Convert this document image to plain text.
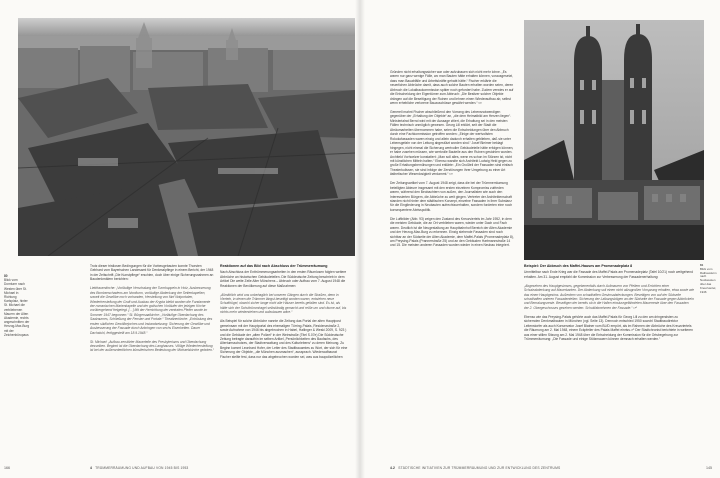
80
Blick vom Domturm nach Westen über St. Michael in Richtung Karlsplatz, hinter St. Michael die verbliebenen Mauern der Alten Akademie, rechts angeschnitten der Herzog-Max-Burg mit der Zeichenbüropaus

Trotz dieser tristlosen Bedingungen für die Vorbeugebauten konnte Thorsten Gebhard vom Bayerischen Landesamt für Denkmalpflege in einem Bericht, der 1948 in der Zeitschrift „Die Kunstpflege“ erschien, doch über einige Sicherungsnahmen an Baudenkmälern berichten:

Liebfrauenkirche: „Vorläufige Verschalung der Turmkuppeln in Holz, Ausbesserung des Bombenschadens am Nordturm, vorläufige Abdeckung der Seitenkapellen, soweit die Gewölbe noch vorhanden, Herstellung von fünf Notportalen, Wiederherstellung der Gruft und Ausbau der Krypta bleibt wurden die Fundamente der romanischen Marienkapelle und der gotischen Vorläufer der jetzigen Kirche vorübergehend freigelegt. […] Mit der Herrichtung der zentralen Pfeiler wurde im Sommer 1947 begonnen.“ St. Bürgersaalkirche: „Vorläufige Überdachung des Saalraumes, Schließung der Fenster und Portale.“ Theatinerkirche: „Entrüstung des ersten südlichen Gewölbejoches und Instandsetzung: Sicherung der Gewölbe und Ausbesserung der Fassade durch Anbringen von sechs Eisenketten. Dauer Dachstuhl, fertiggestellt am 18.9.1948.“

St. Michael: „Aufbau zerstörter Mauerteile des Presbyteriums und Überdachung desselben. Beginnt ist die Überdachung des Langhauses. Völlige Wiederherstellung ist bei der außerordentlichen künstlerischen Bedeutung der Michaelskirche geboten.“

Reaktionen auf das Bild nach Abschluss der Trümmerräumung

Nach Abschluss der Enttrümmerungsarbeiten in den ersten Räumlosen folgten weitere Abbrüche an historischen Gebäudeteilen. Die Süddeutsche Zeitung beschrieb in dem Artikel Die weite Zeile Alter Münchens – Abbruch oder Aufbau vom 7. August 1948 die Reaktionen der Bevölkerung auf diese Maßnahmen:

„Allmählich wird uns unbehaglich bei unseren Gängen durch die Straßen, denn in Vierteln, in denen die Trümmer längst beseitigt worden waren, entstehen neue Schutthügel, obwohl sicher lange nicht alle Häuser bereits gefallen sind. Es ist, als hätte sich der Schuttrümmhagel selbständig gemacht und reiße um und räume auf, bis nichts mehr wiederstehen und aufzubauen wäre.“

Als Beispiel für solche Abbrüche nannte die Zeitung das Portal der alten Hauptpost gemeinsam mit der Hauptportal des ehemaligen Törring-Palais, Residenzstraße 2, sowie Aufnahme von 1946 bis abgebrochen in Habel, Hallinger & Weski 2009, S. 923 ) und die Gebäude der „alten Polizei“ in der Weinstraße (Titel S.07e) Die Süddeutsche Zeitung befragte daraufhin im selben Artikel „Persönlichkeiten des Baufachs, des Altertumsschutzes, der Stadtverwaltung und des Kulturlebens“ zu deren Meinung. Zu Beginn kommt Leonhard Hofer, der Leiter des Stadtbauamtes zu Wort, der sich für eine Sicherung der Objekte, „die München ausmachen“, aussprach. Wiederaufbaurat Fischer stellte fest, dass nur das abgebrochen worden sei, was aus baupolizeilichen

166	4 TRÜMMERRÄUMUNG UND AUFBAU VON 1945 BIS 1953

Gründen nicht erhaltungssicher war oder aufzubauen sich nicht mehr lohne. „Es waren nur ganz wenige Fälle, wo man Bauten hätte erhalten können, vorausgesetzt, dass man Bauabfälle und Arbeitskräfte gehabt hätte.“ Fischer erklärte die neuerlichen Abbrüche damit, dass auch solche Bauten erhalten worden seien, deren Abbruch die Lokalbaukommission später noch gefordert habe. Zudem verwies er auf die Entscheidung der Eigentümer zum Abbruch: „Die Besitzer solcher Objekte drängen auf die Beseitigung der Ruinen und lehnen einen Wiederaufbau ab, selbst wenn erhebliche verlorene Bauzuschüsse gewährt werden.“ ¹³²

Generell mahnt Fischer abschließend den Vorrang des Lebensnotwendigen gegenüber der „Erhaltung der Objekte“ an, „die dem Heimatbild am Herzen liegen“. Ministerialrat Bernd wird mit der Aussage zitiert, die Erhaltung sei in den meisten Fällen technisch unmöglich gewesen. Georg Lill erklärt, seit der Stadt die Abräumarbeiten übernommen habe, seien die Entscheidungen über den Abbruch durch eine Fachkommission getroffen worden: „Einige der wertvollsten Rokokofassaden waren einzig und allein dadurch erhalten geblieben, daß sie unter Lebensgefahr von der Leitung abgestützt worden sind.“ Josef Bleimer beklagt hingegen, nicht einmal die Sicherung wertvoller Gebäudeteile hätte erfolgen können, er habe zusehen müssen, wie wertvolle Bauteile aus den Ruinen gestohlen wurden. Architekt Vorhoelzer konstatiert: „Man soll alles, wenn es schon im Stürzen ist, nicht mit künstlichen Mitteln halten.“ Ebenso wandte sich Architekt Ludwig Held gegen zu große Erhaltungsbemühungen und erklärte: „Ein Großteil der Fassaden sind einfach Theaterkulissen, sie sind infolge der Zerstörungen ihrer Umgebung zu einer Art ästhetischer Wesenlosigkeit verdammt.“ ¹³³

Der Zeitungsartikel vom 7. August 1948 zeigt, dass die bei der Trümmerräumung beteiligten Akteure insgesamt mit den ersten einzelnen Kompromiss zufrieden waren, während den Beobachtern von außen, den Journalisten wie auch den Interessierten Bürgern, die Abbrüche zu weit gingen. Vertreter der Architektenschaft standen nicht hinter dem städtischen Konzept, einzelne Fassaden in ihrer Substanz für die Eingliederung in Neubauten aufrechtzuerhalten, sondern forderten eine noch konsequentere Abrisspolitik.

Die Luftbilder (Abb. 93) zeigen den Zustand des Kreuzviertels im Jahr 1952, in dem die meisten Gebäude, die an Ort verblieben waren, wieder unter Dach und Fach waren. Deutlich ist die Neugestaltung an Hauptbahnhof Bereich der Alten Akademie und der Herzog-Max-Burg zu erkennen. Einzig stehende Fassaden sind noch sichtbar an der Südseite der Alten Akademie, dem Maffei-Palais (Promenadeplatz 8), am Preysing-Palais (Prannerstraße 25) und an den Gebäuden Hartmannstraße 14 und 15. Die meisten anderen Fassaden wurden wieder in einen Neubau integriert.

81
Blick vom Rathausturm nach Nordwesten über das Kreuzviertel, 1946
Beispiel: Der Abbruch des Maffei-Hauses am Promenadeplatz 8

Unmittelbar nach Ende Krieg war die Fassade des Maffei-Palais am Promenadeplatz (Tafel 10/21) noch weitgehend erhalten. Am 31. August empfahl die Kommission zur Verbesserung der Fassadenerhaltung:

„Abgesehen des Hauptgesimses, gegebenenfalls durch Aufmauern von Pfeilern und Errichten einer Schutzabdeckung auf Mauerkanten. Der Abdeckung soll einen nicht allzugroßen Vorsprung erhalten, etwa sowie wie das einen Hauptgesims. Außerdem von schadhaften Gesimsabdeckungen. Beseitigen von auf der Südseite schadhaften unteren Fassadenteilen. Sicherung der Laibungsbögen an der Südseite der Fassade gegen Abbröckeln und Bemalungsreste. Beseitigen der bereits ob in die Hallen einsturzgefährdeten Mauerreste über den Fassaden der 2. Obergeschosses gesehen werden. Schutt/abnehmen der Fassade.“ ¹³⁴

Ebenso wie das Preysing-Palais gehörte auch das Maffei-Palais für Georg Lill zu den am dringendsten zu sichernden Denkmalbauten in München (vgl. Seite 13). Dennoch entschied 1950 sowohl Stadtbaudirektor Leitenstorfer als auch Konservator Josef Blatner vom BLfD empört, als im Rahmen der Abbrüche des Kreuzviertels die Räumung am 2. Mai 1948, einem Eckpfeiler des Palais Maffei einriss.¹³⁵ Der Stadtchronist berichtete in weiteren aus einer stillen Sitzung am 2. Mai 1948 über die Entscheidung der Kommission für die Ortsbegehung zur Trümmerräumung: „Die Fassade und einige Stützmauern können demnach erhalten werden.“

4.2 STÄDTISCHE INITIATIVEN ZUR TRÜMMERRÄUMUNG UND ZUR ENTWICKLUNG DES ZENTRUMS	145
